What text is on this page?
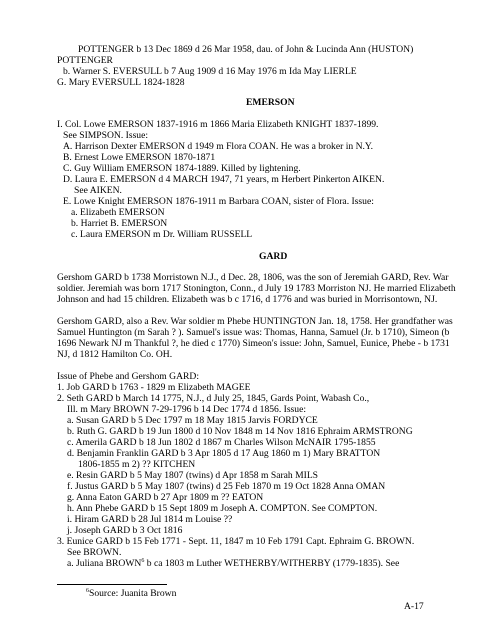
POTTENGER b 13 Dec 1869 d 26 Mar 1958, dau. of John & Lucinda Ann (HUSTON)
POTTENGER
b. Warner S. EVERSULL b 7 Aug 1909 d 16 May 1976 m Ida May LIERLE
G. Mary EVERSULL 1824-1828
EMERSON
I. Col. Lowe EMERSON 1837-1916 m 1866 Maria Elizabeth KNIGHT 1837-1899.
See SIMPSON. Issue:
A. Harrison Dexter EMERSON d 1949 m Flora COAN. He was a broker in N.Y.
B. Ernest Lowe EMERSON 1870-1871
C. Guy William EMERSON 1874-1889. Killed by lightening.
D. Laura E. EMERSON d 4 MARCH 1947, 71 years, m Herbert Pinkerton AIKEN.
See AIKEN.
E. Lowe Knight EMERSON 1876-1911 m Barbara COAN, sister of Flora. Issue:
a. Elizabeth EMERSON
b. Harriet B. EMERSON
c. Laura EMERSON m Dr. William RUSSELL
GARD
Gershom GARD b 1738 Morristown N.J., d Dec. 28, 1806, was the son of Jeremiah GARD, Rev. War
soldier. Jeremiah was born 1717 Stonington, Conn., d July 19 1783 Morriston NJ. He married Elizabeth
Johnson and had 15 children. Elizabeth was b c 1716, d 1776 and was buried in Morrisontown, NJ.
Gershom GARD, also a Rev. War soldier m Phebe HUNTINGTON Jan. 18, 1758. Her grandfather was
Samuel Huntington (m Sarah ? ). Samuel's issue was: Thomas, Hanna, Samuel (Jr. b 1710), Simeon (b
1696 Newark NJ m Thankful ?, he died c 1770) Simeon's issue: John, Samuel, Eunice, Phebe - b 1731
NJ, d 1812 Hamilton Co. OH.
Issue of Phebe and Gershom GARD:
1. Job GARD b 1763 - 1829 m Elizabeth MAGEE
2. Seth GARD b March 14 1775, N.J., d July 25, 1845, Gards Point, Wabash Co.,
Ill. m Mary BROWN 7-29-1796 b 14 Dec 1774 d 1856. Issue:
a. Susan GARD b 5 Dec 1797 m 18 May 1815 Jarvis FORDYCE
b. Ruth G. GARD b 19 Jun 1800 d 10 Nov 1848 m 14 Nov 1816 Ephraim ARMSTRONG
c. Amerila GARD b 18 Jun 1802 d 1867 m Charles Wilson McNAIR 1795-1855
d. Benjamin Franklin GARD b 3 Apr 1805 d 17 Aug 1860 m 1) Mary BRATTON
1806-1855 m 2) ?? KITCHEN
e. Resin GARD b 5 May 1807 (twins) d Apr 1858 m Sarah MILS
f. Justus GARD b 5 May 1807 (twins) d 25 Feb 1870 m 19 Oct 1828 Anna OMAN
g. Anna Eaton GARD b 27 Apr 1809 m ?? EATON
h. Ann Phebe GARD b 15 Sept 1809 m Joseph A. COMPTON. See COMPTON.
i. Hiram GARD b 28 Jul 1814 m Louise ??
j. Joseph GARD b 3 Oct 1816
3. Eunice GARD b 15 Feb 1771 - Sept. 11, 1847 m 10 Feb 1791 Capt. Ephraim G. BROWN.
See BROWN.
a. Juliana BROWN$^6$ b ca 1803 m Luther WETHERBY/WITHERBY (1779-1835). See
$^6$Source: Juanita Brown
A-17
